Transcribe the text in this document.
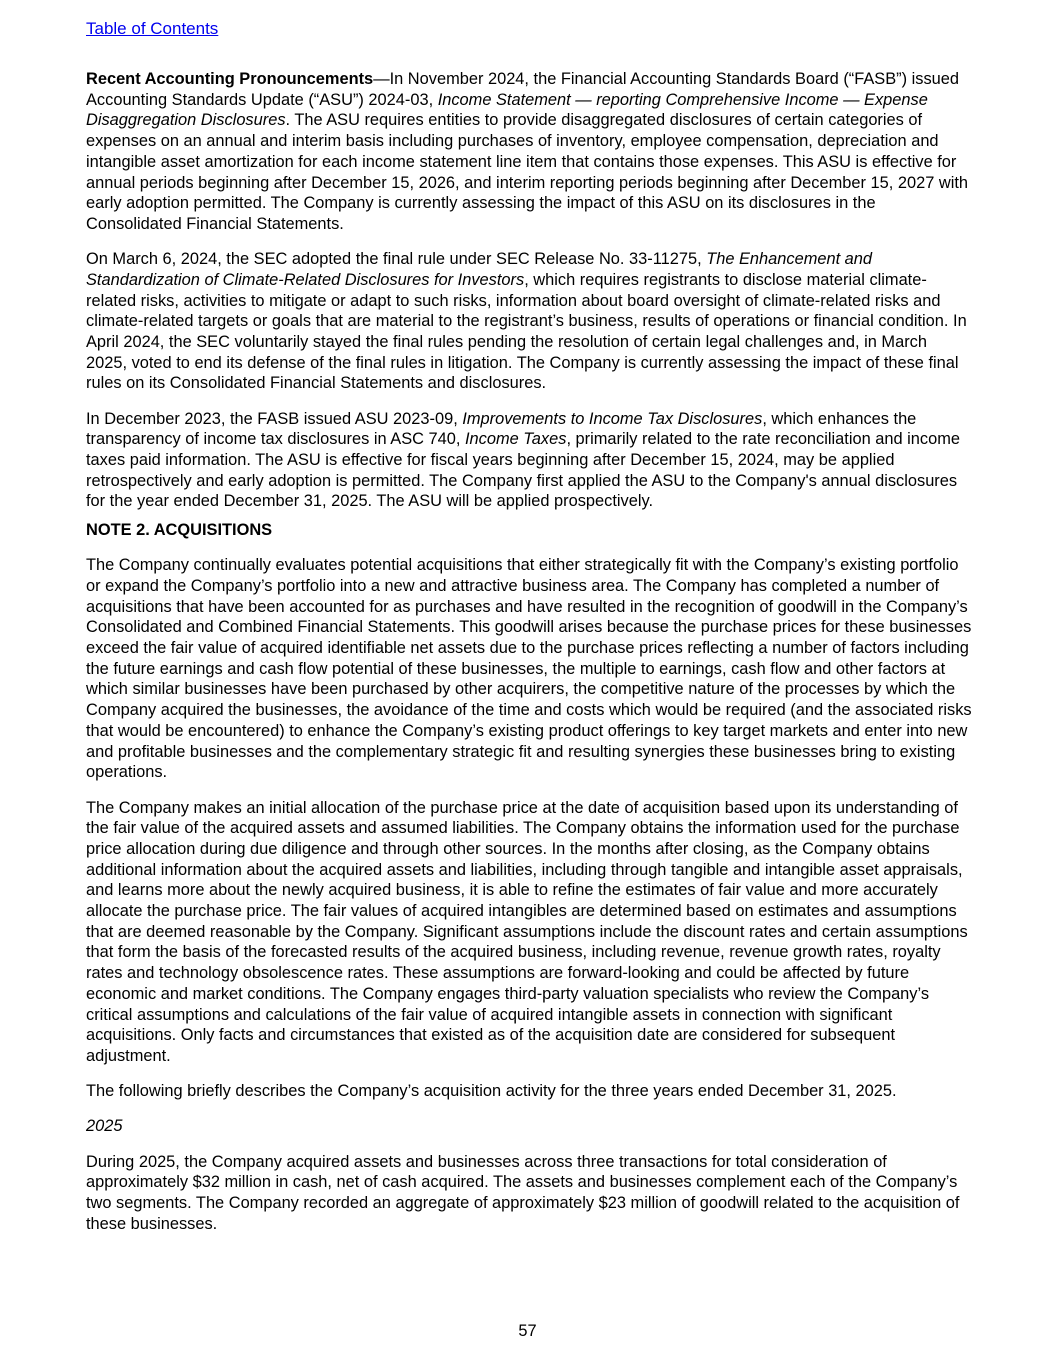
Table of Contents

Recent Accounting Pronouncements—In November 2024, the Financial Accounting Standards Board (“FASB”) issued Accounting Standards Update (“ASU”) 2024-03, Income Statement — reporting Comprehensive Income — Expense Disaggregation Disclosures. The ASU requires entities to provide disaggregated disclosures of certain categories of expenses on an annual and interim basis including purchases of inventory, employee compensation, depreciation and intangible asset amortization for each income statement line item that contains those expenses. This ASU is effective for annual periods beginning after December 15, 2026, and interim reporting periods beginning after December 15, 2027 with early adoption permitted. The Company is currently assessing the impact of this ASU on its disclosures in the Consolidated Financial Statements.

On March 6, 2024, the SEC adopted the final rule under SEC Release No. 33-11275, The Enhancement and Standardization of Climate-Related Disclosures for Investors, which requires registrants to disclose material climate-related risks, activities to mitigate or adapt to such risks, information about board oversight of climate-related risks and climate-related targets or goals that are material to the registrant’s business, results of operations or financial condition. In April 2024, the SEC voluntarily stayed the final rules pending the resolution of certain legal challenges and, in March 2025, voted to end its defense of the final rules in litigation. The Company is currently assessing the impact of these final rules on its Consolidated Financial Statements and disclosures.

In December 2023, the FASB issued ASU 2023-09, Improvements to Income Tax Disclosures, which enhances the transparency of income tax disclosures in ASC 740, Income Taxes, primarily related to the rate reconciliation and income taxes paid information. The ASU is effective for fiscal years beginning after December 15, 2024, may be applied retrospectively and early adoption is permitted. The Company first applied the ASU to the Company's annual disclosures for the year ended December 31, 2025. The ASU will be applied prospectively.

NOTE 2. ACQUISITIONS

The Company continually evaluates potential acquisitions that either strategically fit with the Company’s existing portfolio or expand the Company’s portfolio into a new and attractive business area. The Company has completed a number of acquisitions that have been accounted for as purchases and have resulted in the recognition of goodwill in the Company’s Consolidated and Combined Financial Statements. This goodwill arises because the purchase prices for these businesses exceed the fair value of acquired identifiable net assets due to the purchase prices reflecting a number of factors including the future earnings and cash flow potential of these businesses, the multiple to earnings, cash flow and other factors at which similar businesses have been purchased by other acquirers, the competitive nature of the processes by which the Company acquired the businesses, the avoidance of the time and costs which would be required (and the associated risks that would be encountered) to enhance the Company’s existing product offerings to key target markets and enter into new and profitable businesses and the complementary strategic fit and resulting synergies these businesses bring to existing operations.

The Company makes an initial allocation of the purchase price at the date of acquisition based upon its understanding of the fair value of the acquired assets and assumed liabilities. The Company obtains the information used for the purchase price allocation during due diligence and through other sources. In the months after closing, as the Company obtains additional information about the acquired assets and liabilities, including through tangible and intangible asset appraisals, and learns more about the newly acquired business, it is able to refine the estimates of fair value and more accurately allocate the purchase price. The fair values of acquired intangibles are determined based on estimates and assumptions that are deemed reasonable by the Company. Significant assumptions include the discount rates and certain assumptions that form the basis of the forecasted results of the acquired business, including revenue, revenue growth rates, royalty rates and technology obsolescence rates. These assumptions are forward-looking and could be affected by future economic and market conditions. The Company engages third-party valuation specialists who review the Company’s critical assumptions and calculations of the fair value of acquired intangible assets in connection with significant acquisitions. Only facts and circumstances that existed as of the acquisition date are considered for subsequent adjustment.

The following briefly describes the Company’s acquisition activity for the three years ended December 31, 2025.

2025

During 2025, the Company acquired assets and businesses across three transactions for total consideration of approximately $32 million in cash, net of cash acquired. The assets and businesses complement each of the Company’s two segments. The Company recorded an aggregate of approximately $23 million of goodwill related to the acquisition of these businesses.

57
